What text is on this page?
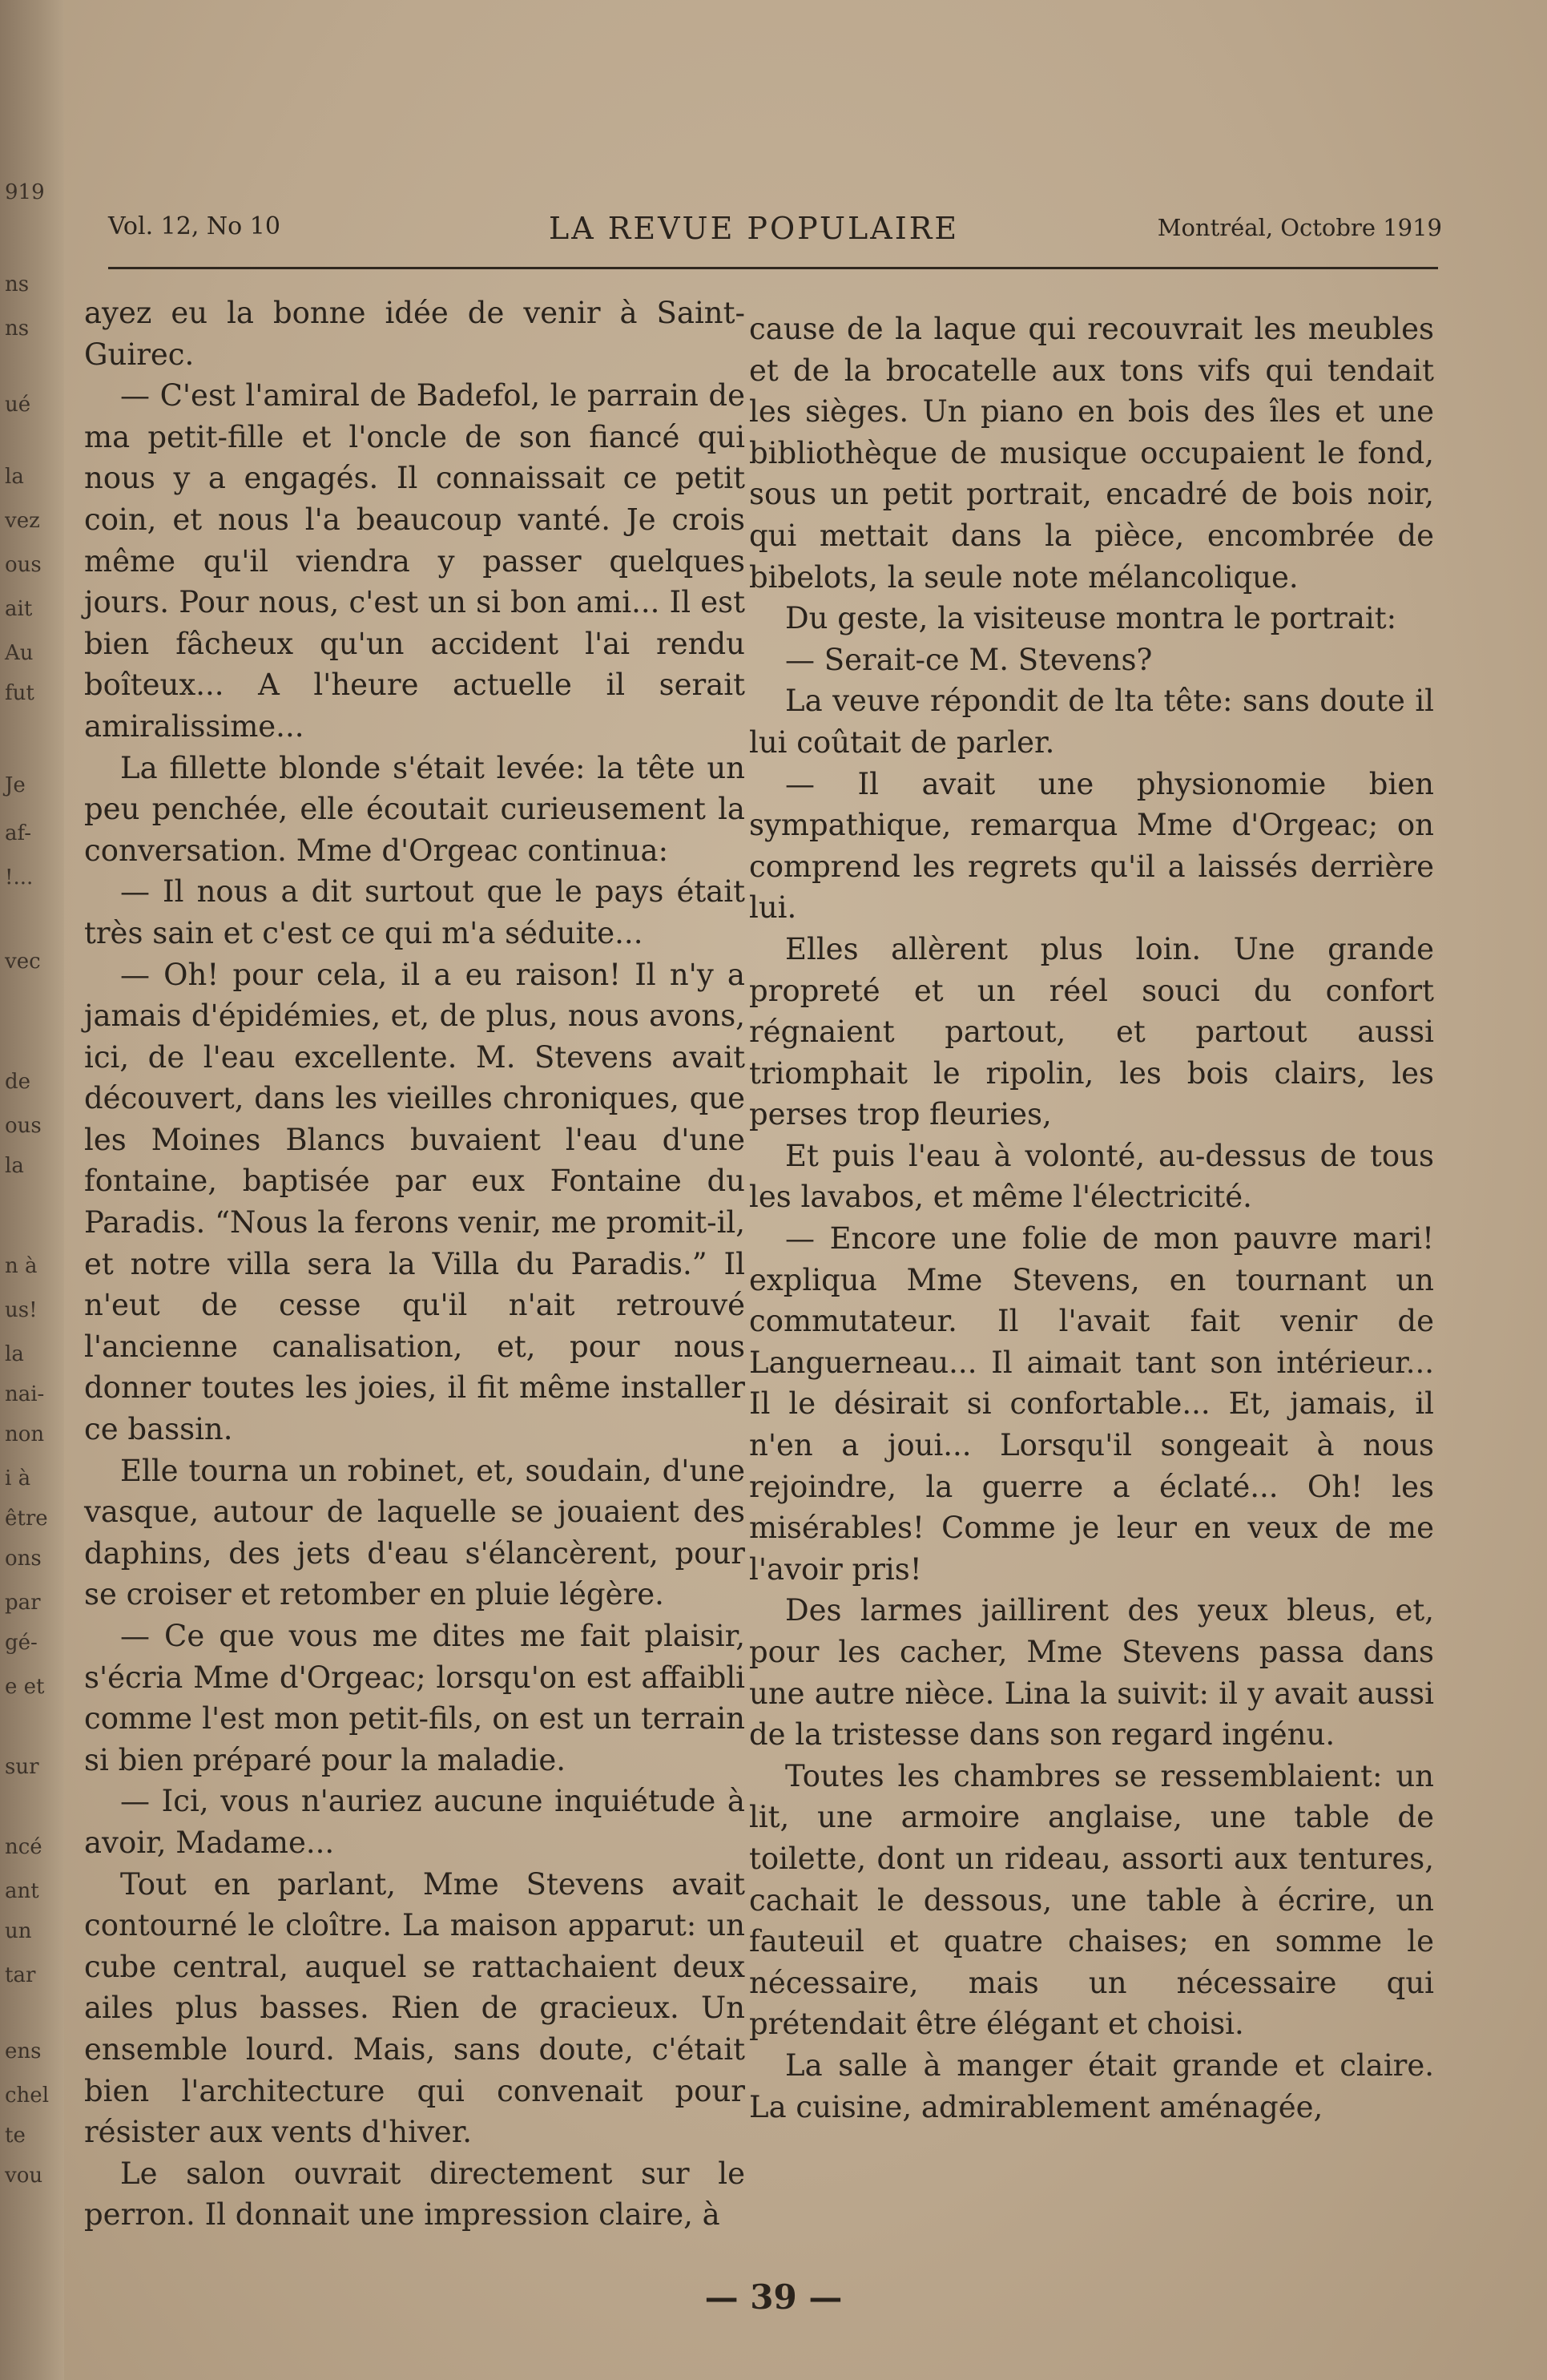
919
ns
ns
ué
la
vez
ous
ait
Au
fut
Je
af-
!...
vec
de
ous
la
n à
us!
la
nai-
non
i à
être
ons
par
gé-
e et
sur
ncé
ant
un
tar
ens
chel
te
vou
Vol. 12, No 10	LA REVUE POPULAIRE	Montréal, Octobre 1919

ayez eu la bonne idée de venir à Saint-Guirec.

— C'est l'amiral de Badefol, le parrain de ma petit-fille et l'oncle de son fiancé qui nous y a engagés. Il connaissait ce petit coin, et nous l'a beaucoup vanté. Je crois même qu'il viendra y passer quelques jours. Pour nous, c'est un si bon ami... Il est bien fâcheux qu'un accident l'ai rendu boîteux... A l'heure actuelle il serait amiralissime...

La fillette blonde s'était levée: la tête un peu penchée, elle écoutait curieusement la conversation. Mme d'Orgeac continua:

— Il nous a dit surtout que le pays était très sain et c'est ce qui m'a séduite...

— Oh! pour cela, il a eu raison! Il n'y a jamais d'épidémies, et, de plus, nous avons, ici, de l'eau excellente. M. Stevens avait découvert, dans les vieilles chroniques, que les Moines Blancs buvaient l'eau d'une fontaine, baptisée par eux Fontaine du Paradis. “Nous la ferons venir, me promit-il, et notre villa sera la Villa du Paradis.” Il n'eut de cesse qu'il n'ait retrouvé l'ancienne canalisation, et, pour nous donner toutes les joies, il fit même installer ce bassin.

Elle tourna un robinet, et, soudain, d'une vasque, autour de laquelle se jouaient des daphins, des jets d'eau s'élancèrent, pour se croiser et retomber en pluie légère.

— Ce que vous me dites me fait plaisir, s'écria Mme d'Orgeac; lorsqu'on est affaibli comme l'est mon petit-fils, on est un terrain si bien préparé pour la maladie.

— Ici, vous n'auriez aucune inquiétude à avoir, Madame...

Tout en parlant, Mme Stevens avait contourné le cloître. La maison apparut: un cube central, auquel se rattachaient deux ailes plus basses. Rien de gracieux. Un ensemble lourd. Mais, sans doute, c'était bien l'architecture qui convenait pour résister aux vents d'hiver.

Le salon ouvrait directement sur le perron. Il donnait une impression claire, à

cause de la laque qui recouvrait les meubles et de la brocatelle aux tons vifs qui tendait les sièges. Un piano en bois des îles et une bibliothèque de musique occupaient le fond, sous un petit portrait, encadré de bois noir, qui mettait dans la pièce, encombrée de bibelots, la seule note mélancolique.

Du geste, la visiteuse montra le portrait:

— Serait-ce M. Stevens?

La veuve répondit de lta tête: sans doute il lui coûtait de parler.

— Il avait une physionomie bien sympathique, remarqua Mme d'Orgeac; on comprend les regrets qu'il a laissés derrière lui.

Elles allèrent plus loin. Une grande propreté et un réel souci du confort régnaient partout, et partout aussi triomphait le ripolin, les bois clairs, les perses trop fleuries,

Et puis l'eau à volonté, au-dessus de tous les lavabos, et même l'électricité.

— Encore une folie de mon pauvre mari! expliqua Mme Stevens, en tournant un commutateur. Il l'avait fait venir de Languerneau... Il aimait tant son intérieur... Il le désirait si confortable... Et, jamais, il n'en a joui... Lorsqu'il songeait à nous rejoindre, la guerre a éclaté... Oh! les misérables! Comme je leur en veux de me l'avoir pris!

Des larmes jaillirent des yeux bleus, et, pour les cacher, Mme Stevens passa dans une autre nièce. Lina la suivit: il y avait aussi de la tristesse dans son regard ingénu.

Toutes les chambres se ressemblaient: un lit, une armoire anglaise, une table de toilette, dont un rideau, assorti aux tentures, cachait le dessous, une table à écrire, un fauteuil et quatre chaises; en somme le nécessaire, mais un nécessaire qui prétendait être élégant et choisi.

La salle à manger était grande et claire. La cuisine, admirablement aménagée,

— 39 —
